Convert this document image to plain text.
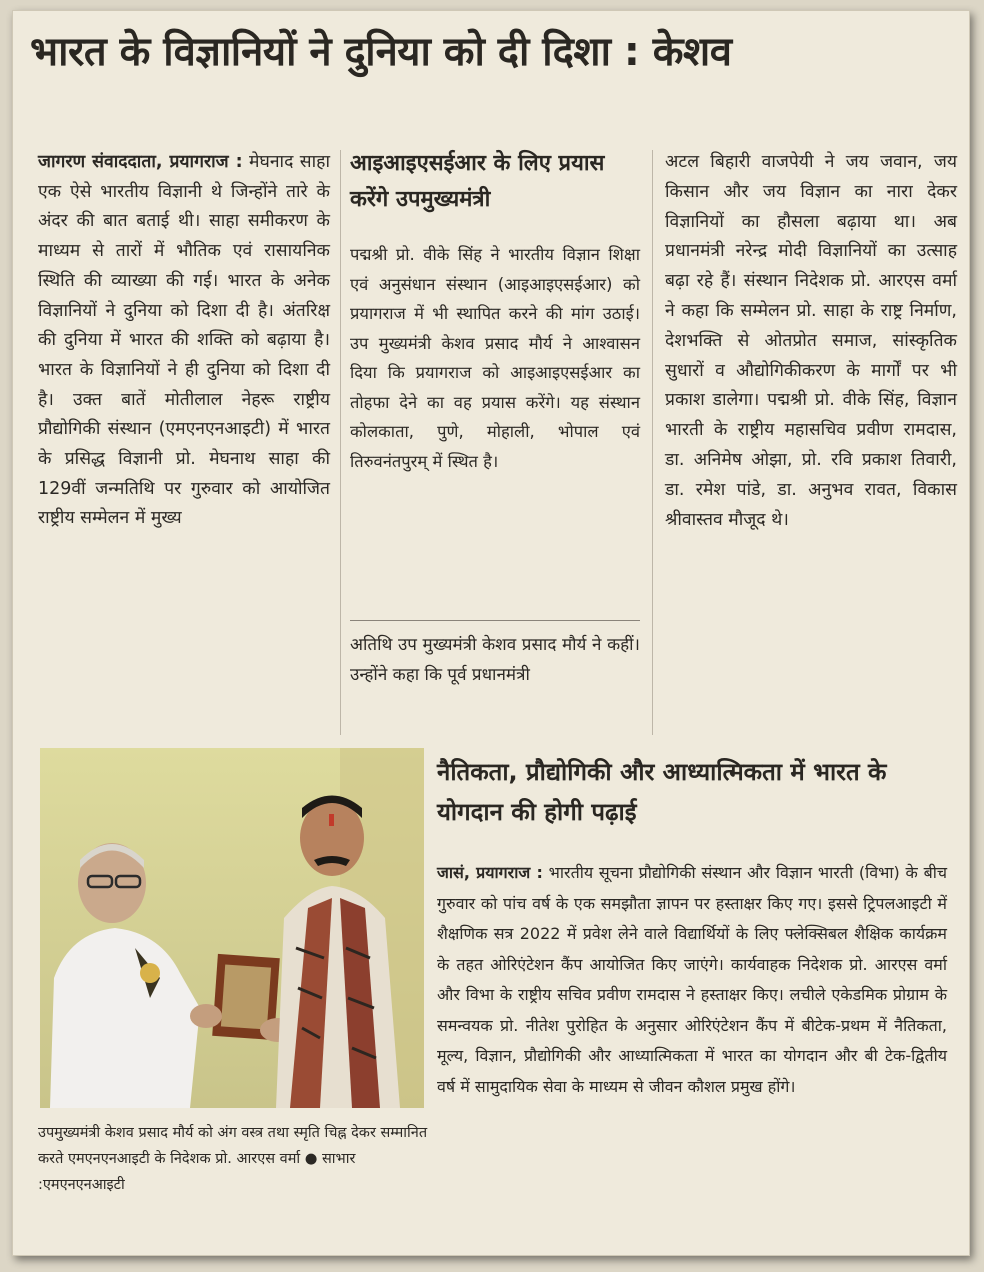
भारत के विज्ञानियों ने दुनिया को दी दिशा : केशव

जागरण संवाददाता, प्रयागराज : मेघनाद साहा एक ऐसे भारतीय विज्ञानी थे जिन्होंने तारे के अंदर की बात बताई थी। साहा समीकरण के माध्यम से तारों में भौतिक एवं रासायनिक स्थिति की व्याख्या की गई। भारत के अनेक विज्ञानियों ने दुनिया को दिशा दी है। अंतरिक्ष की दुनिया में भारत की शक्ति को बढ़ाया है। भारत के विज्ञानियों ने ही दुनिया को दिशा दी है। उक्त बातें मोतीलाल नेहरू राष्ट्रीय प्रौद्योगिकी संस्थान (एमएनएनआइटी) में भारत के प्रसिद्ध विज्ञानी प्रो. मेघनाथ साहा की 129वीं जन्मतिथि पर गुरुवार को आयोजित राष्ट्रीय सम्मेलन में मुख्य

आइआइएसईआर के लिए प्रयास करेंगे उपमुख्यमंत्री
पद्मश्री प्रो. वीके सिंह ने भारतीय विज्ञान शिक्षा एवं अनुसंधान संस्थान (आइआइएसईआर) को प्रयागराज में भी स्थापित करने की मांग उठाई। उप मुख्यमंत्री केशव प्रसाद मौर्य ने आश्वासन दिया कि प्रयागराज को आइआइएसईआर का तोहफा देने का वह प्रयास करेंगे। यह संस्थान कोलकाता, पुणे, मोहाली, भोपाल एवं तिरुवनंतपुरम् में स्थित है।
अतिथि उप मुख्यमंत्री केशव प्रसाद मौर्य ने कहीं। उन्होंने कहा कि पूर्व प्रधानमंत्री
अटल बिहारी वाजपेयी ने जय जवान, जय किसान और जय विज्ञान का नारा देकर विज्ञानियों का हौसला बढ़ाया था। अब प्रधानमंत्री नरेन्द्र मोदी विज्ञानियों का उत्साह बढ़ा रहे हैं। संस्थान निदेशक प्रो. आरएस वर्मा ने कहा कि सम्मेलन प्रो. साहा के राष्ट्र निर्माण, देशभक्ति से ओतप्रोत समाज, सांस्कृतिक सुधारों व औद्योगिकीकरण के मार्गों पर भी प्रकाश डालेगा। पद्मश्री प्रो. वीके सिंह, विज्ञान भारती के राष्ट्रीय महासचिव प्रवीण रामदास, डा. अनिमेष ओझा, प्रो. रवि प्रकाश तिवारी, डा. रमेश पांडे, डा. अनुभव रावत, विकास श्रीवास्तव मौजूद थे।
उपमुख्यमंत्री केशव प्रसाद मौर्य को अंग वस्त्र तथा स्मृति चिह्न देकर सम्मानित करते एमएनएनआइटी के निदेशक प्रो. आरएस वर्मा ● साभार :एमएनएनआइटी
नैतिकता, प्रौद्योगिकी और आध्यात्मिकता में भारत के योगदान की होगी पढ़ाई

जासं, प्रयागराज : भारतीय सूचना प्रौद्योगिकी संस्थान और विज्ञान भारती (विभा) के बीच गुरुवार को पांच वर्ष के एक समझौता ज्ञापन पर हस्ताक्षर किए गए। इससे ट्रिपलआइटी में शैक्षणिक सत्र 2022 में प्रवेश लेने वाले विद्यार्थियों के लिए फ्लेक्सिबल शैक्षिक कार्यक्रम के तहत ओरिएंटेशन कैंप आयोजित किए जाएंगे। कार्यवाहक निदेशक प्रो. आरएस वर्मा और विभा के राष्ट्रीय सचिव प्रवीण रामदास ने हस्ताक्षर किए। लचीले एकेडमिक प्रोग्राम के समन्वयक प्रो. नीतेश पुरोहित के अनुसार ओरिएंटेशन कैंप में बीटेक-प्रथम में नैतिकता, मूल्य, विज्ञान, प्रौद्योगिकी और आध्यात्मिकता में भारत का योगदान और बी टेक-द्वितीय वर्ष में सामुदायिक सेवा के माध्यम से जीवन कौशल प्रमुख होंगे।
